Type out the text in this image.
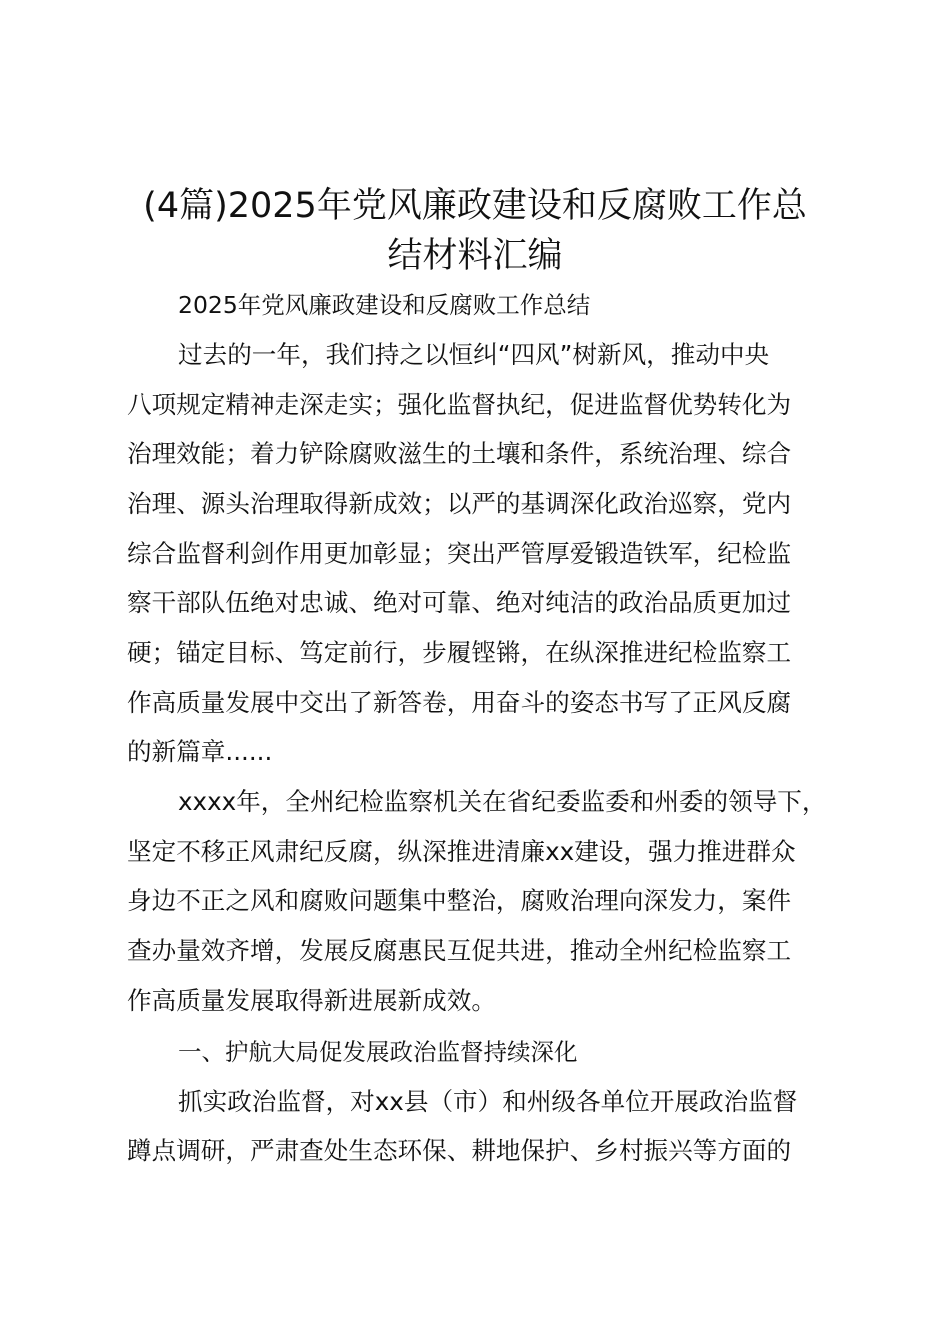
(4篇)2025年党风廉政建设和反腐败工作总
结材料汇编

2025年党风廉政建设和反腐败工作总结

过去的一年，我们持之以恒纠“四风”树新风，推动中央

八项规定精神走深走实；强化监督执纪，促进监督优势转化为

治理效能；着力铲除腐败滋生的土壤和条件，系统治理、综合

治理、源头治理取得新成效；以严的基调深化政治巡察，党内

综合监督利剑作用更加彰显；突出严管厚爱锻造铁军，纪检监

察干部队伍绝对忠诚、绝对可靠、绝对纯洁的政治品质更加过

硬；锚定目标、笃定前行，步履铿锵，在纵深推进纪检监察工

作高质量发展中交出了新答卷，用奋斗的姿态书写了正风反腐

的新篇章......

xxxx年，全州纪检监察机关在省纪委监委和州委的领导下，

坚定不移正风肃纪反腐，纵深推进清廉xx建设，强力推进群众

身边不正之风和腐败问题集中整治，腐败治理向深发力，案件

查办量效齐增，发展反腐惠民互促共进，推动全州纪检监察工

作高质量发展取得新进展新成效。

一、护航大局促发展政治监督持续深化

抓实政治监督，对xx县（市）和州级各单位开展政治监督

蹲点调研，严肃查处生态环保、耕地保护、乡村振兴等方面的
